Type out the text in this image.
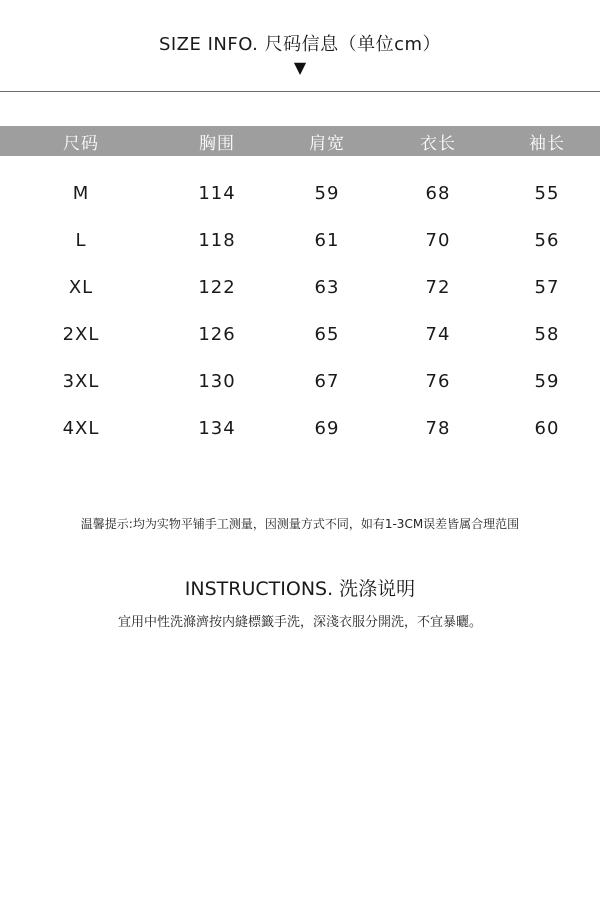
SIZE INFO. 尺码信息（单位cm）
▼
尺码	胸围	肩宽	衣长	袖长
M	114	59	68	55
L	118	61	70	56
XL	122	63	72	57
2XL	126	65	74	58
3XL	130	67	76	59
4XL	134	69	78	60
温馨提示:均为实物平铺手工测量，因测量方式不同，如有1-3CM误差皆属合理范围
INSTRUCTIONS. 洗涤说明
宜用中性洗滌濟按内縫標籤手洗，深淺衣服分開洗，不宜暴曬。
